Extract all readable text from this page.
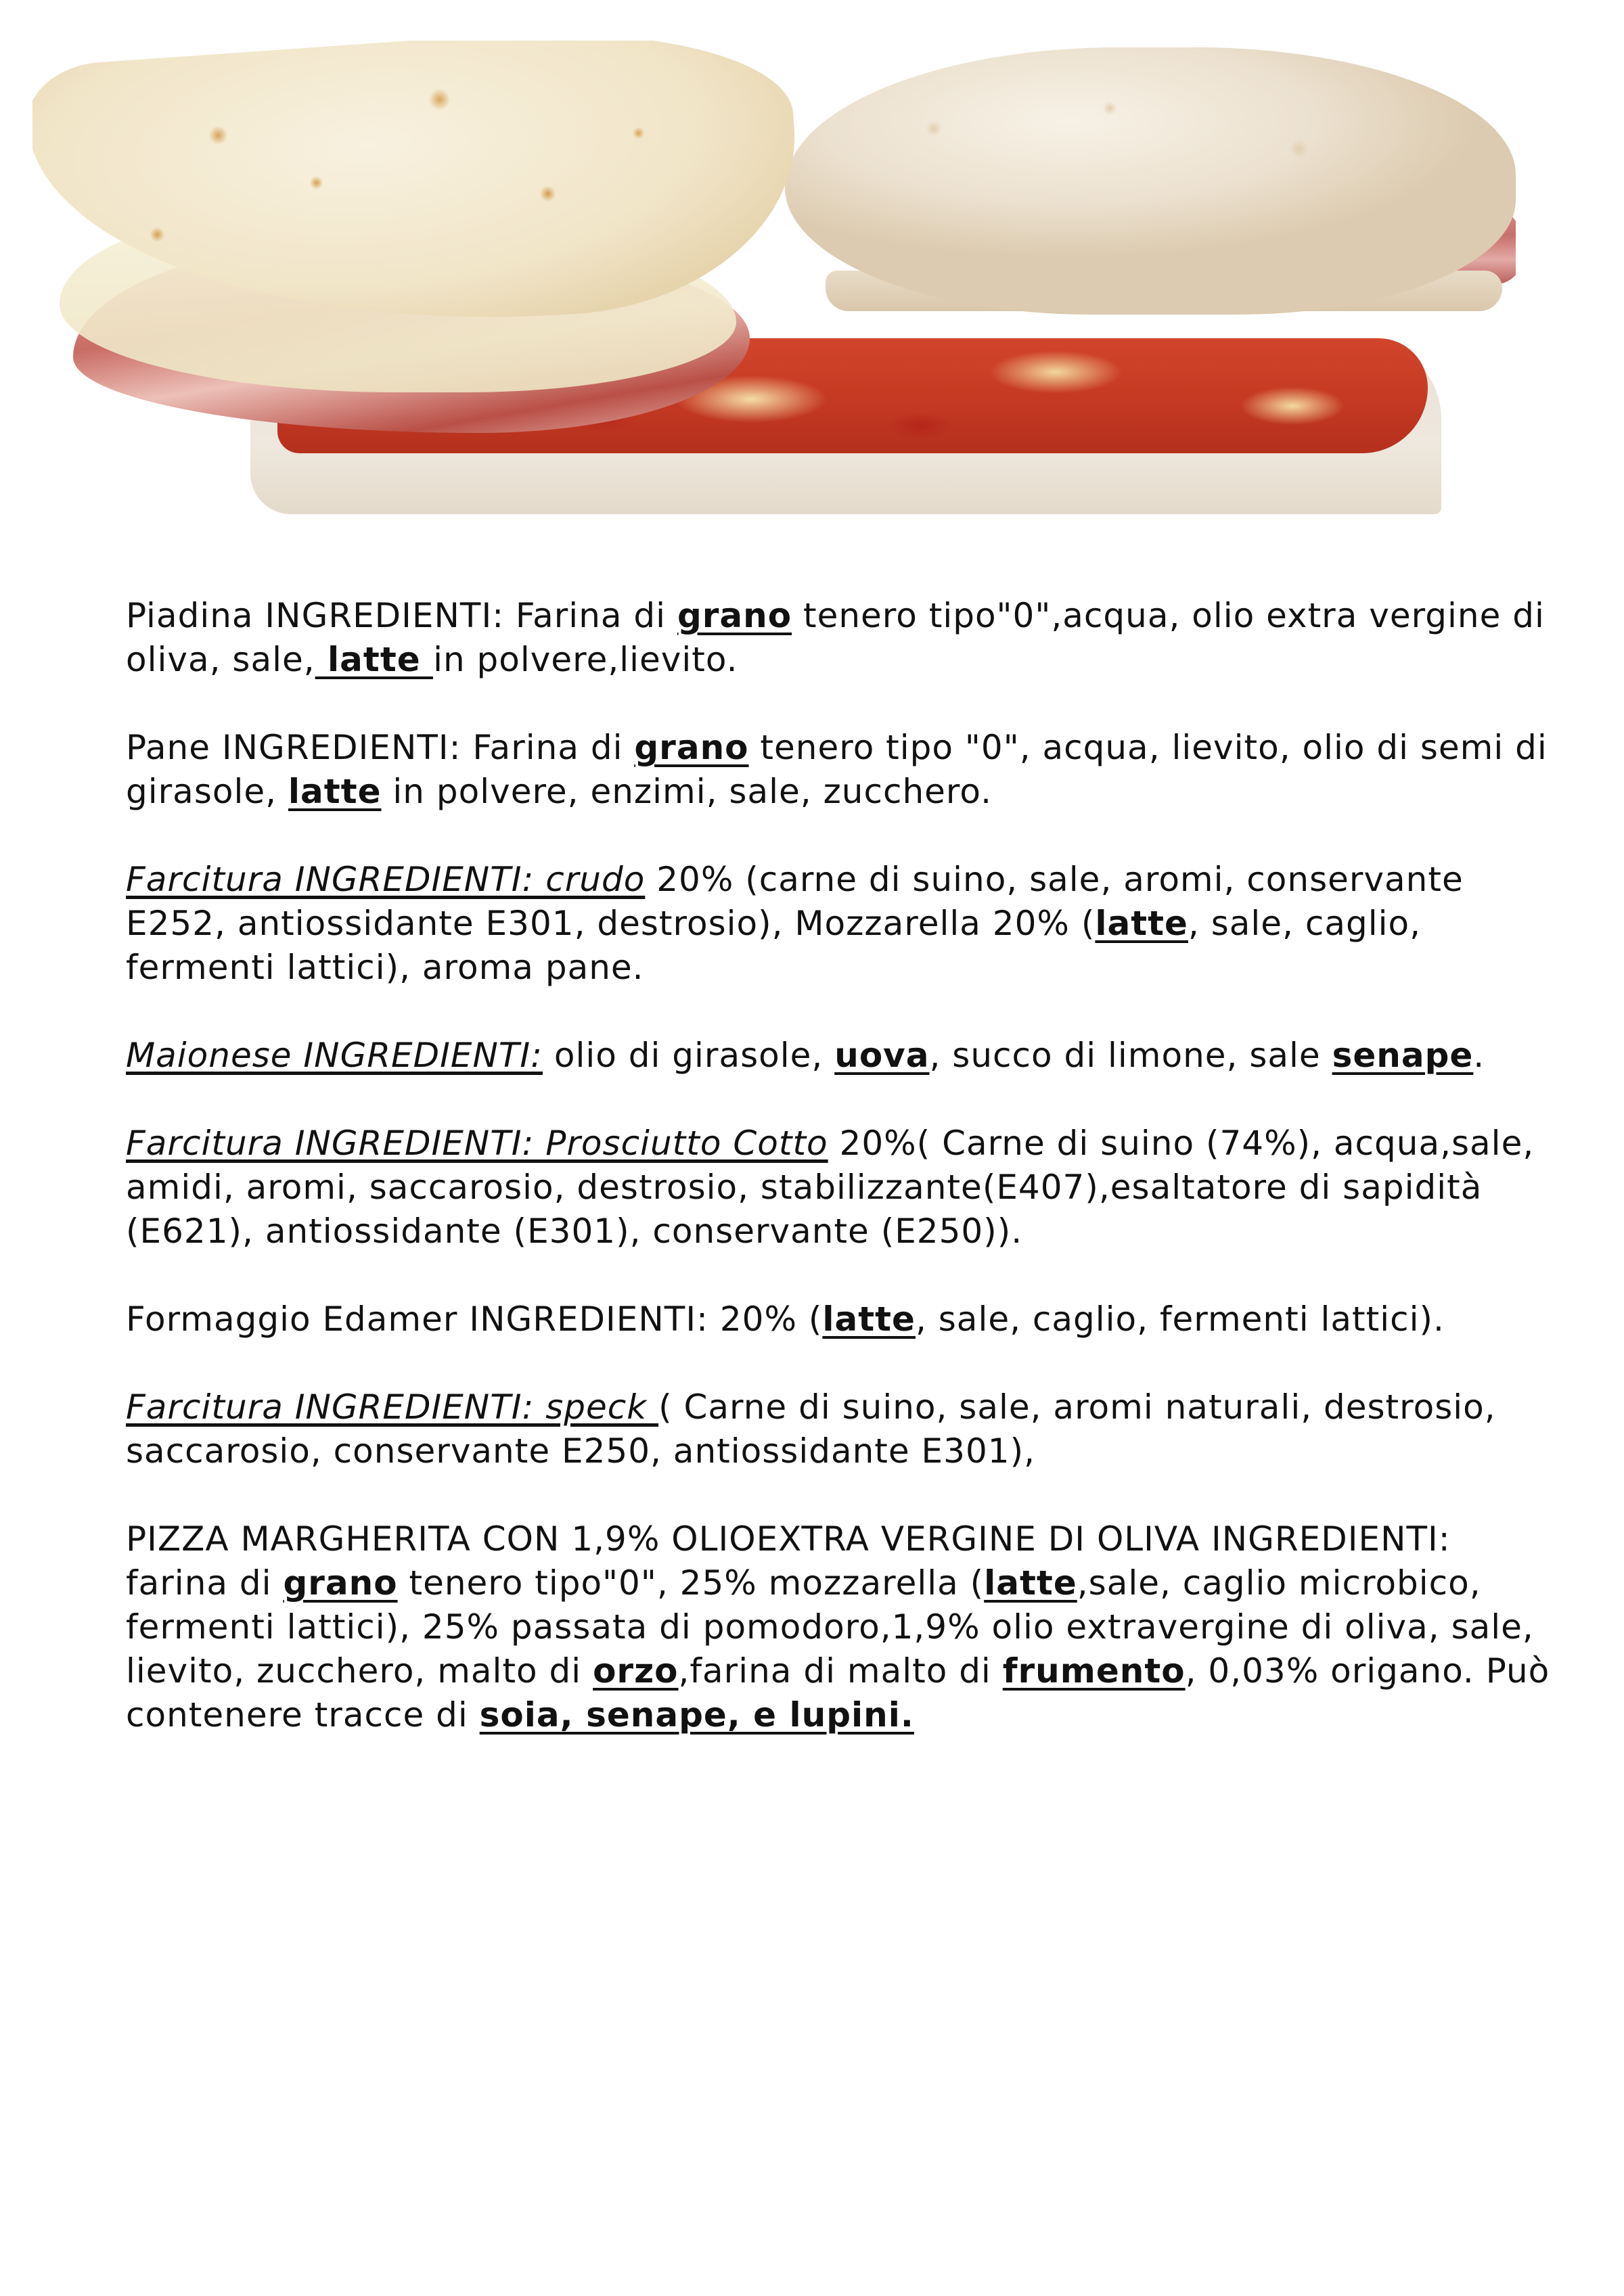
Piadina INGREDIENTI: Farina di grano tenero tipo"0",acqua, olio extra vergine di oliva, sale, latte in polvere,lievito.

Pane INGREDIENTI: Farina di grano tenero tipo "0", acqua, lievito, olio di semi di girasole, latte in polvere, enzimi, sale, zucchero.

Farcitura INGREDIENTI: crudo 20% (carne di suino, sale, aromi, conservante E252, antiossidante E301, destrosio), Mozzarella 20% (latte, sale, caglio, fermenti lattici), aroma pane.

Maionese INGREDIENTI: olio di girasole, uova, succo di limone, sale senape.

Farcitura INGREDIENTI: Prosciutto Cotto 20%( Carne di suino (74%), acqua,sale, amidi, aromi, saccarosio, destrosio, stabilizzante(E407),esaltatore di sapidità (E621), antiossidante (E301), conservante (E250)).

Formaggio Edamer INGREDIENTI: 20% (latte, sale, caglio, fermenti lattici).

Farcitura INGREDIENTI: speck ( Carne di suino, sale, aromi naturali, destrosio, saccarosio, conservante E250, antiossidante E301),

PIZZA MARGHERITA CON 1,9% OLIOEXTRA VERGINE DI OLIVA INGREDIENTI: farina di grano tenero tipo"0", 25% mozzarella (latte,sale, caglio microbico, fermenti lattici), 25% passata di pomodoro,1,9% olio extravergine di oliva, sale, lievito, zucchero, malto di orzo,farina di malto di frumento, 0,03% origano. Può contenere tracce di soia, senape, e lupini.
